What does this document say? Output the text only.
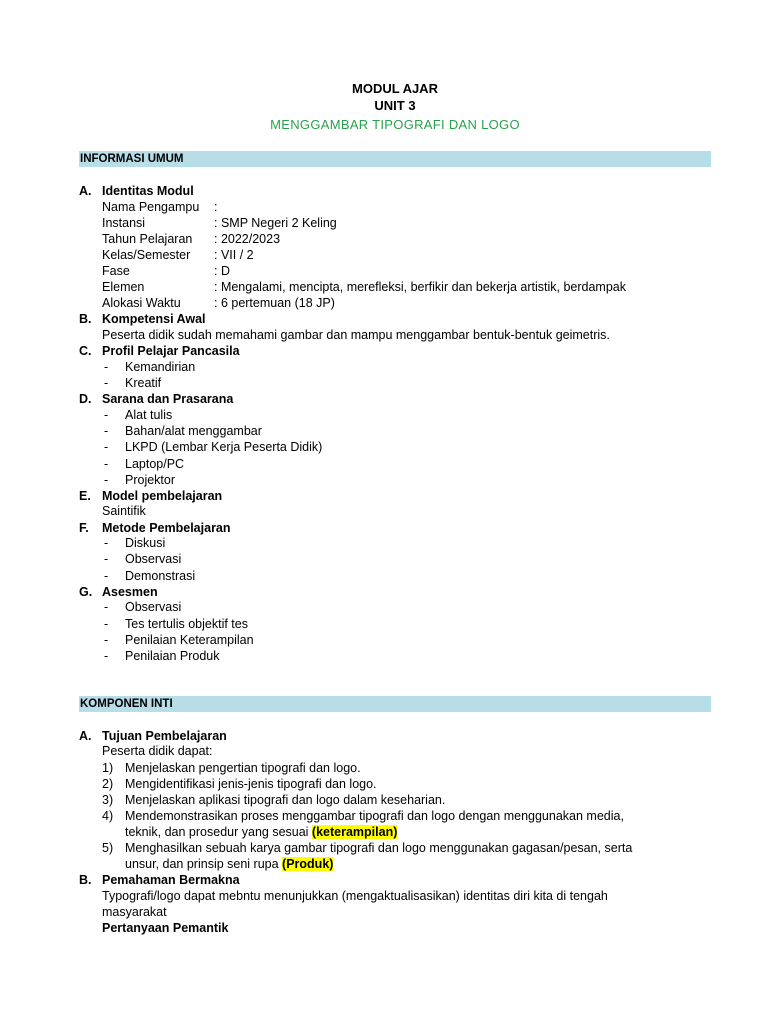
MODUL AJAR
UNIT 3
MENGGAMBAR TIPOGRAFI DAN LOGO
INFORMASI UMUM
A. Identitas Modul
Nama Pengampu :
Instansi	: SMP Negeri 2 Keling
Tahun Pelajaran : 2022/2023
Kelas/Semester : VII / 2
Fase	: D
Elemen	: Mengalami, mencipta, merefleksi, berfikir dan bekerja artistik, berdampak
Alokasi Waktu	: 6 pertemuan (18 JP)
B. Kompetensi Awal
Peserta didik sudah memahami gambar dan mampu menggambar bentuk-bentuk geimetris.
C. Profil Pelajar Pancasila
- Kemandirian
- Kreatif
D. Sarana dan Prasarana
- Alat tulis
- Bahan/alat menggambar
- LKPD (Lembar Kerja Peserta Didik)
- Laptop/PC
- Projektor
E. Model pembelajaran
Saintifik
F. Metode Pembelajaran
- Diskusi
- Observasi
- Demonstrasi
G. Asesmen
- Observasi
- Tes tertulis objektif tes
- Penilaian Keterampilan
- Penilaian Produk
KOMPONEN INTI
A. Tujuan Pembelajaran
Peserta didik dapat:
1) Menjelaskan pengertian tipografi dan logo.
2) Mengidentifikasi jenis-jenis tipografi dan logo.
3) Menjelaskan aplikasi tipografi dan logo dalam keseharian.
4) Mendemonstrasikan proses menggambar tipografi dan logo dengan menggunakan media,
teknik, dan prosedur yang sesuai (keterampilan)
5) Menghasilkan sebuah karya gambar tipografi dan logo menggunakan gagasan/pesan, serta
unsur, dan prinsip seni rupa (Produk)
B. Pemahaman Bermakna
Typografi/logo dapat mebntu menunjukkan (mengaktualisasikan) identitas diri kita di tengah
masyarakat
Pertanyaan Pemantik
